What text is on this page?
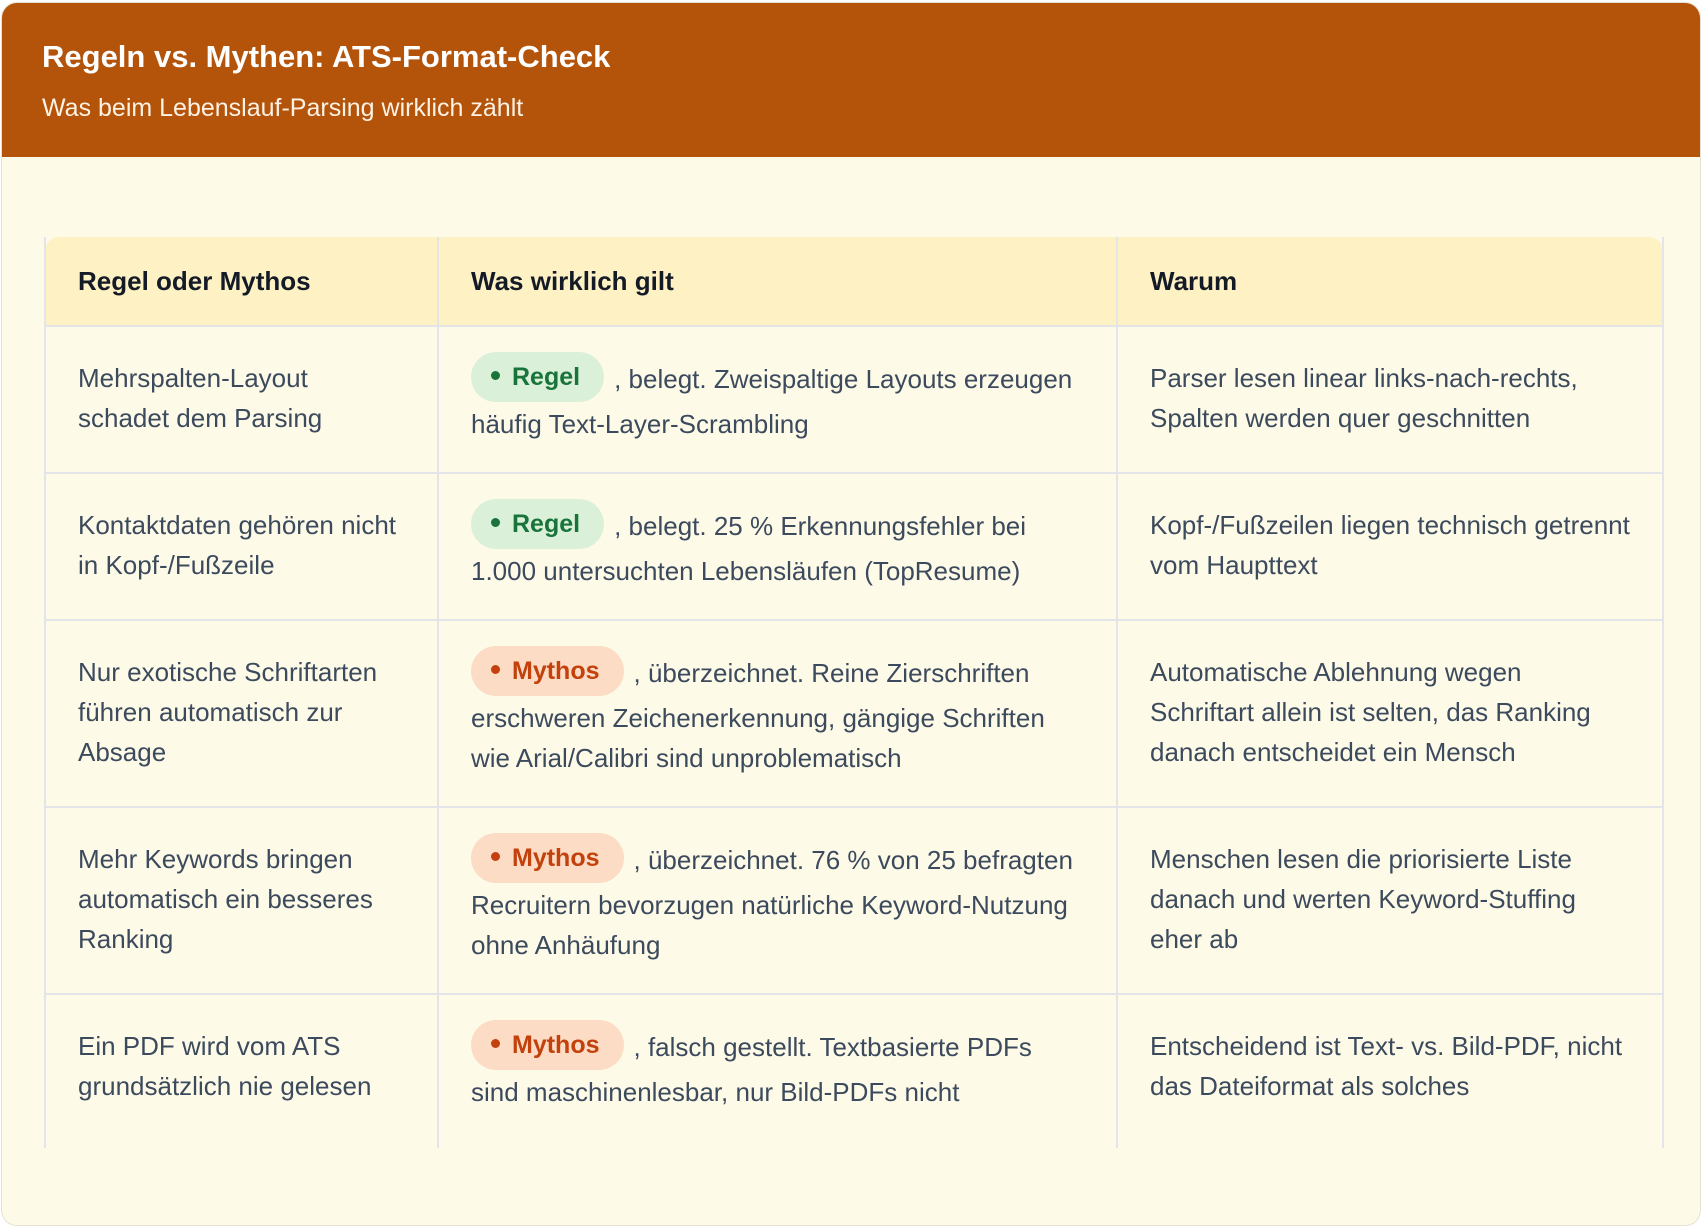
Regeln vs. Mythen: ATS-Format-Check
Was beim Lebenslauf-Parsing wirklich zählt
Regel oder Mythos	Was wirklich gilt	Warum
Mehrspalten-Layout schadet dem Parsing	Regel , belegt. Zweispaltige Layouts erzeugen häufig Text-Layer-Scrambling	Parser lesen linear links-nach-rechts, Spalten werden quer geschnitten
Kontaktdaten gehören nicht in Kopf-/Fußzeile	Regel , belegt. 25 % Erkennungsfehler bei 1.000 untersuchten Lebensläufen (TopResume)	Kopf-/Fußzeilen liegen technisch getrennt vom Haupttext
Nur exotische Schriftarten führen automatisch zur Absage	Mythos , überzeichnet. Reine Zierschriften erschweren Zeichenerkennung, gängige Schriften wie Arial/Calibri sind unproblematisch	Automatische Ablehnung wegen Schriftart allein ist selten, das Ranking danach entscheidet ein Mensch
Mehr Keywords bringen automatisch ein besseres Ranking	Mythos , überzeichnet. 76 % von 25 befragten Recruitern bevorzugen natürliche Keyword-Nutzung ohne Anhäufung	Menschen lesen die priorisierte Liste danach und werten Keyword-Stuffing eher ab
Ein PDF wird vom ATS grundsätzlich nie gelesen	Mythos , falsch gestellt. Textbasierte PDFs sind maschinenlesbar, nur Bild-PDFs nicht	Entscheidend ist Text- vs. Bild-PDF, nicht das Dateiformat als solches
